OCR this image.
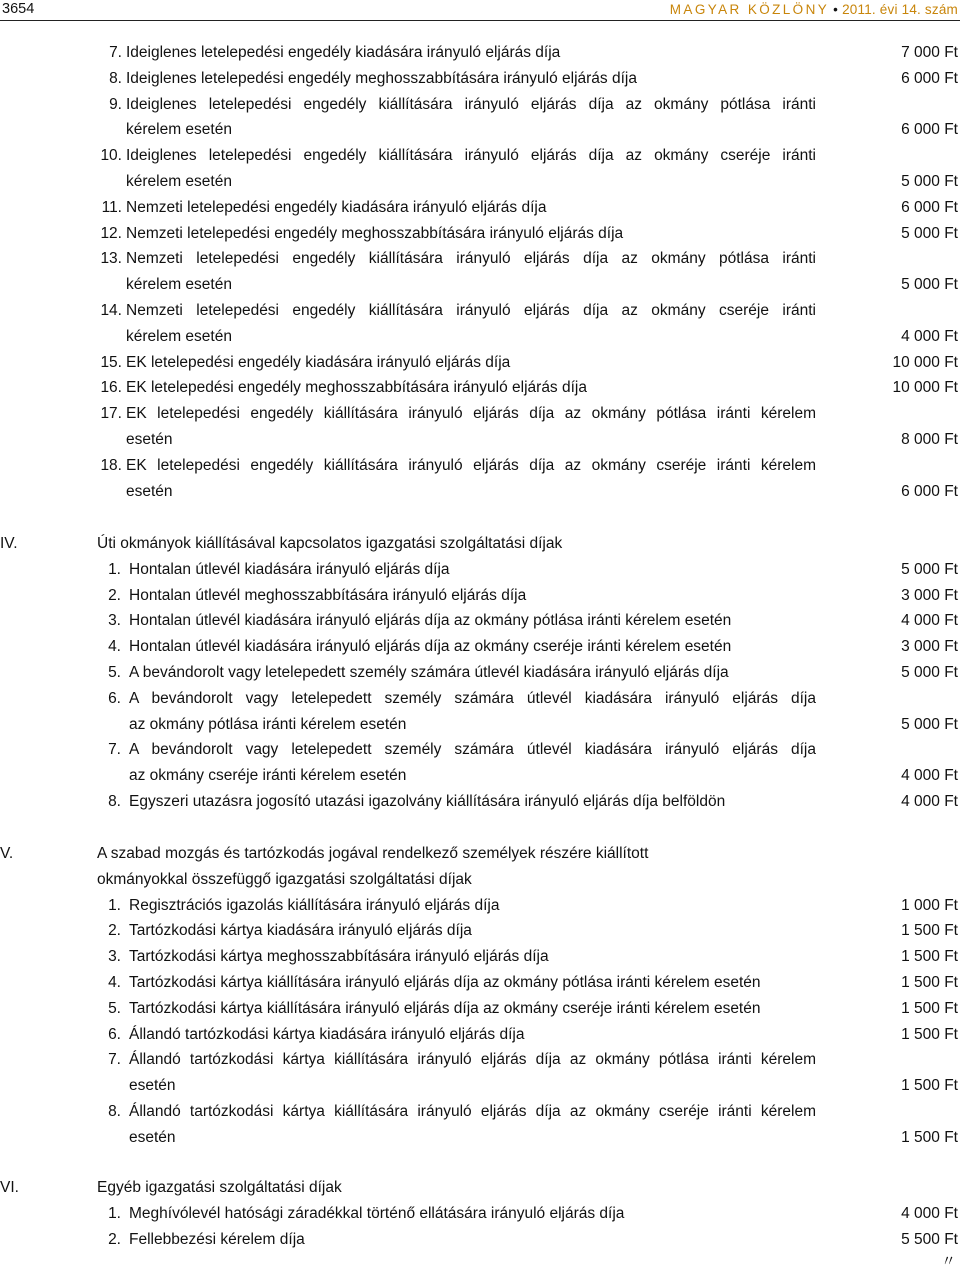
3654	MAGYAR KÖZLÖNY • 2011. évi 14. szám
7. Ideiglenes letelepedési engedély kiadására irányuló eljárás díja	7 000 Ft
8. Ideiglenes letelepedési engedély meghosszabbítására irányuló eljárás díja	6 000 Ft
9. Ideiglenes letelepedési engedély kiállítására irányuló eljárás díja az okmány pótlása iránti
kérelem esetén	6 000 Ft
10. Ideiglenes letelepedési engedély kiállítására irányuló eljárás díja az okmány cseréje iránti
kérelem esetén	5 000 Ft
11. Nemzeti letelepedési engedély kiadására irányuló eljárás díja	6 000 Ft
12. Nemzeti letelepedési engedély meghosszabbítására irányuló eljárás díja	5 000 Ft
13. Nemzeti letelepedési engedély kiállítására irányuló eljárás díja az okmány pótlása iránti
kérelem esetén	5 000 Ft
14. Nemzeti letelepedési engedély kiállítására irányuló eljárás díja az okmány cseréje iránti
kérelem esetén	4 000 Ft
15. EK letelepedési engedély kiadására irányuló eljárás díja	10 000 Ft
16. EK letelepedési engedély meghosszabbítására irányuló eljárás díja	10 000 Ft
17. EK letelepedési engedély kiállítására irányuló eljárás díja az okmány pótlása iránti kérelem
esetén	8 000 Ft
18. EK letelepedési engedély kiállítására irányuló eljárás díja az okmány cseréje iránti kérelem
esetén	6 000 Ft
IV.	Úti okmányok kiállításával kapcsolatos igazgatási szolgáltatási díjak
1. Hontalan útlevél kiadására irányuló eljárás díja	5 000 Ft
2. Hontalan útlevél meghosszabbítására irányuló eljárás díja	3 000 Ft
3. Hontalan útlevél kiadására irányuló eljárás díja az okmány pótlása iránti kérelem esetén	4 000 Ft
4. Hontalan útlevél kiadására irányuló eljárás díja az okmány cseréje iránti kérelem esetén	3 000 Ft
5. A bevándorolt vagy letelepedett személy számára útlevél kiadására irányuló eljárás díja	5 000 Ft
6. A bevándorolt vagy letelepedett személy számára útlevél kiadására irányuló eljárás díja
az okmány pótlása iránti kérelem esetén	5 000 Ft
7. A bevándorolt vagy letelepedett személy számára útlevél kiadására irányuló eljárás díja
az okmány cseréje iránti kérelem esetén	4 000 Ft
8. Egyszeri utazásra jogosító utazási igazolvány kiállítására irányuló eljárás díja belföldön	4 000 Ft
V.	A szabad mozgás és tartózkodás jogával rendelkező személyek részére kiállított
okmányokkal összefüggő igazgatási szolgáltatási díjak
1. Regisztrációs igazolás kiállítására irányuló eljárás díja	1 000 Ft
2. Tartózkodási kártya kiadására irányuló eljárás díja	1 500 Ft
3. Tartózkodási kártya meghosszabbítására irányuló eljárás díja	1 500 Ft
4. Tartózkodási kártya kiállítására irányuló eljárás díja az okmány pótlása iránti kérelem esetén	1 500 Ft
5. Tartózkodási kártya kiállítására irányuló eljárás díja az okmány cseréje iránti kérelem esetén	1 500 Ft
6. Állandó tartózkodási kártya kiadására irányuló eljárás díja	1 500 Ft
7. Állandó tartózkodási kártya kiállítására irányuló eljárás díja az okmány pótlása iránti kérelem
esetén	1 500 Ft
8. Állandó tartózkodási kártya kiállítására irányuló eljárás díja az okmány cseréje iránti kérelem
esetén	1 500 Ft
VI.	Egyéb igazgatási szolgáltatási díjak
1. Meghívólevél hatósági záradékkal történő ellátására irányuló eljárás díja	4 000 Ft
2. Fellebbezési kérelem díja	5 500 Ft
〃
